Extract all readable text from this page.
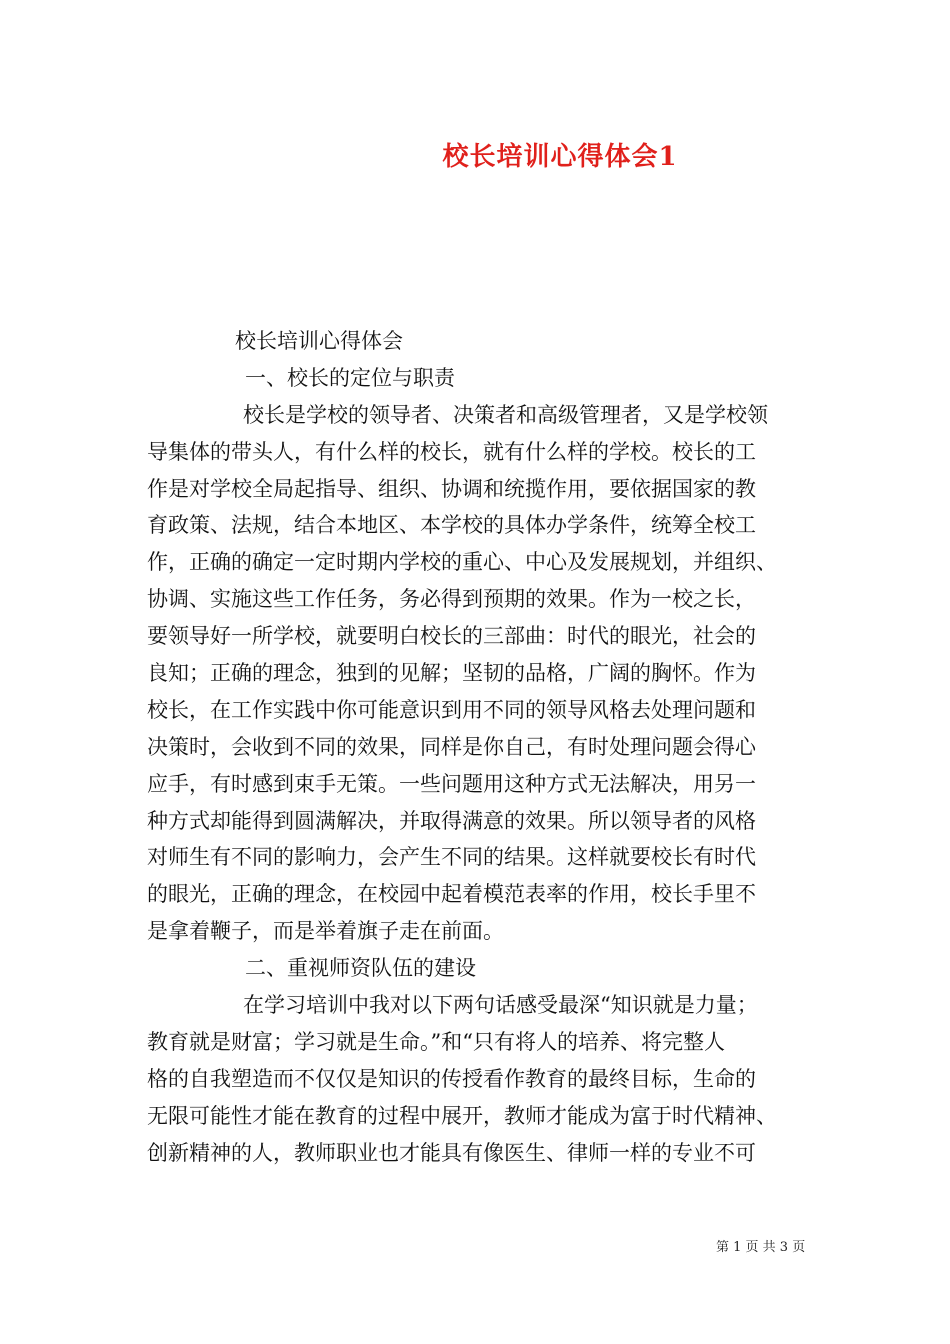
校长培训心得体会1
校长培训心得体会
一、校长的定位与职责
校长是学校的领导者、决策者和高级管理者，又是学校领
导集体的带头人，有什么样的校长，就有什么样的学校。校长的工
作是对学校全局起指导、组织、协调和统揽作用，要依据国家的教
育政策、法规，结合本地区、本学校的具体办学条件，统筹全校工
作，正确的确定一定时期内学校的重心、中心及发展规划，并组织、
协调、实施这些工作任务，务必得到预期的效果。作为一校之长，
要领导好一所学校，就要明白校长的三部曲：时代的眼光，社会的
良知；正确的理念，独到的见解；坚韧的品格，广阔的胸怀。作为
校长，在工作实践中你可能意识到用不同的领导风格去处理问题和
决策时，会收到不同的效果，同样是你自己，有时处理问题会得心
应手，有时感到束手无策。一些问题用这种方式无法解决，用另一
种方式却能得到圆满解决，并取得满意的效果。所以领导者的风格
对师生有不同的影响力，会产生不同的结果。这样就要校长有时代
的眼光，正确的理念，在校园中起着模范表率的作用，校长手里不
是拿着鞭子，而是举着旗子走在前面。
二、重视师资队伍的建设
在学习培训中我对以下两句话感受最深“知识就是力量；
教育就是财富；学习就是生命。”和“只有将人的培养、将完整人
格的自我塑造而不仅仅是知识的传授看作教育的最终目标，生命的
无限可能性才能在教育的过程中展开，教师才能成为富于时代精神、
创新精神的人，教师职业也才能具有像医生、律师一样的专业不可
第 1 页 共 3 页
